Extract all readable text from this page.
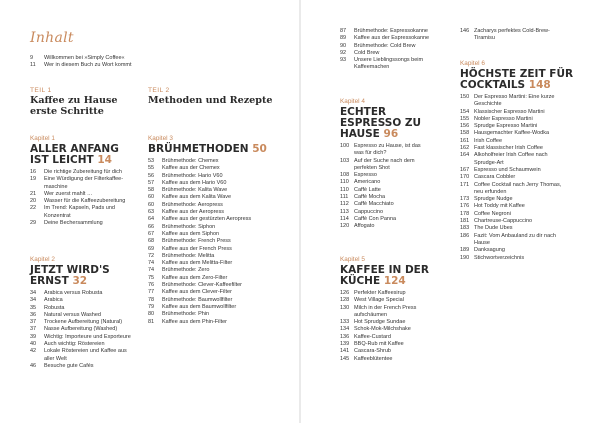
Inhalt
9	Willkommen bei »Simply Coffee«
11	Wer in diesem Buch zu Wort kommt
TEIL 1
Kaffee zu Hause erste Schritte
Kapitel 1
ALLER ANFANG IST LEICHT 14
16	Die richtige Zubereitung für dich
19	Eine Würdigung der Filterkaffee-
maschine
21	Wer zuerst mahlt …
20	Wasser für die Kaffeezubereitung
22	Im Trend: Kapseln, Pads und
Konzentrat
29	Deine Bechersammlung
Kapitel 2
JETZT WIRD'S ERNST 32
34	Arabica versus Robusta
34	Arabica
35	Robusta
36	Natural versus Washed
37	Trockene Aufbereitung (Natural)
37	Nasse Aufbereitung (Washed)
39	Wichtig: Importeure und Exporteure
40	Auch wichtig: Röstereien
42	Lokale Röstereien und Kaffee aus
aller Welt
46	Besuche gute Cafés
TEIL 2
Methoden und Rezepte
Kapitel 3
BRÜHMETHODEN 50
53	Brühmethode: Chemex
55	Kaffee aus der Chemex
56	Brühmethode: Hario V60
57	Kaffee aus dem Hario V60
58	Brühmethode: Kalita Wave
60	Kaffee aus dem Kalita Wave
60	Brühmethode: Aeropress
63	Kaffee aus der Aeropress
64	Kaffee aus der gestürzten Aeropress
66	Brühmethode: Siphon
67	Kaffee aus dem Siphon
68	Brühmethode: French Press
69	Kaffee aus der French Press
72	Brühmethode: Melitta
74	Kaffee aus dem Melitta-Filter
74	Brühmethode: Zero
75	Kaffee aus dem Zero-Filter
76	Brühmethode: Clever-Kaffeefilter
77	Kaffee aus dem Clever-Filter
78	Brühmethode: Baumwollfilter
79	Kaffee aus dem Baumwollfilter
80	Brühmethode: Phin
81	Kaffee aus dem Phin-Filter
87	Brühmethode: Espressokanne
89	Kaffee aus der Espressokanne
90	Brühmethode: Cold Brew
92	Cold Brew
93	Unsere Lieblingssongs beim
Kaffeemachen
Kapitel 4
ECHTER ESPRESSO ZU HAUSE 96
100 Espresso zu Hause, ist das
was für dich?
103 Auf der Suche nach dem
perfekten Shot
108 Espresso
110 Americano
110 Caffè Latte
111	Caffè Mocha
112 Caffè Macchiato
113 Cappuccino
114 Caffè Con Panna
120 Affogato
Kapitel 5
KAFFEE IN DER KÜCHE 124
126 Perfekter Kaffeesirup
128 West Village Special
130 Milch in der French Press
aufschäumen
133 Hot Sprudge Sundae
134 Schok-Mok-Milchshake
136 Kaffee-Custard
139 BBQ-Rub mit Kaffee
141 Cascara-Shrub
145 Kaffeeblütentee
146 Zacharys perfektes Cold-Brew-
Tiramisu
Kapitel 6
HÖCHSTE ZEIT FÜR COCKTAILS 148
150 Der Espresso Martini: Eine kurze
Geschichte
154 Klassischer Espresso Martini
155 Nobler Espresso Martini
156 Sprudge Espresso Martini
158 Hausgemachter Kaffee-Wodka
161 Irish Coffee
162 Fast klassischer Irish Coffee
164 Alkoholfreier Irish Coffee nach
Sprudge-Art
167 Espresso und Schaumwein
170 Cascara Cobbler
171 Coffee Cocktail nach Jerry Thomas,
neu erfunden
173 Sprudge Nudge
176 Hot Toddy mit Kaffee
178 Coffee Negroni
181 Chartreuse-Cappuccino
183 The Dude Ubes
186 Fazit: Vom Anbauland zu dir nach
Hause
189 Danksagung
190 Stichwortverzeichnis
